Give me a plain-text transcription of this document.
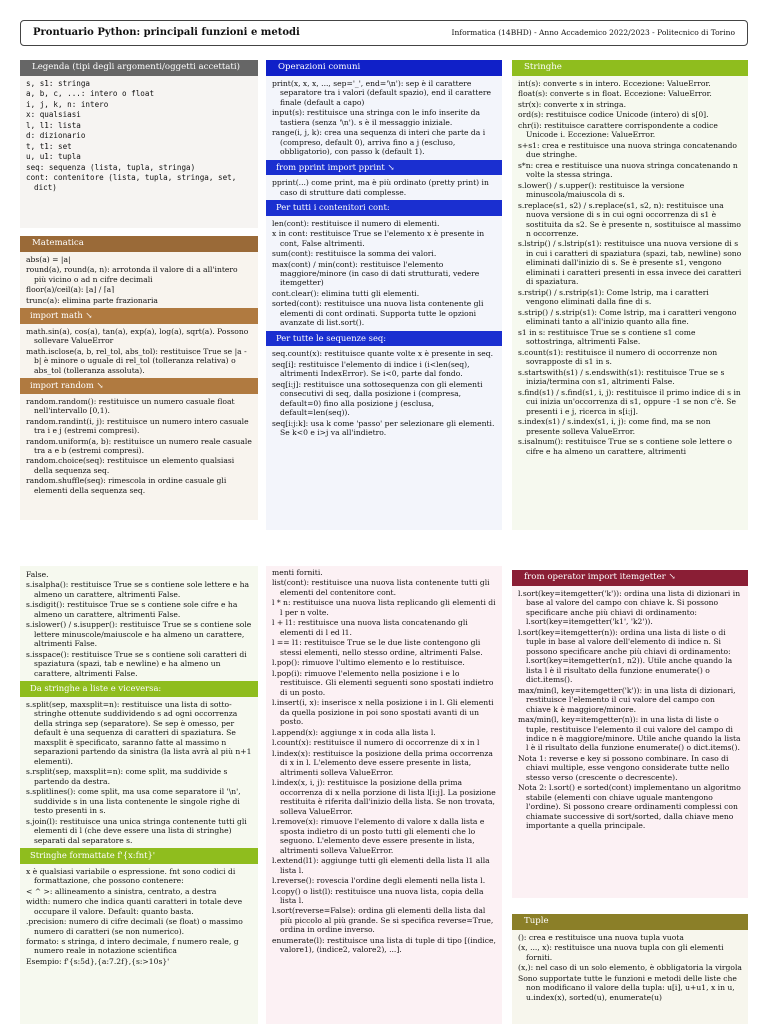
Prontuario Python: principali funzioni e metodi	Informatica (14BHD) - Anno Accademico 2022/2023 - Politecnico di Torino
Legenda (tipi degli argomenti/oggetti accettati)
s, s1: stringa
a, b, c, ...: intero o float
i, j, k, n: intero
x: qualsiasi
l, l1: lista
d: dizionario
t, t1: set
u, u1: tupla
seq: sequenza (lista, tupla, stringa)
cont: contenitore (lista, tupla, stringa, set, dict)
Matematica
abs(a) = |a|
round(a), round(a, n): arrotonda il valore di a all'intero più vicino o ad n cifre decimali
floor(a)/ceil(a): ⌊a⌋ / ⌈a⌉
trunc(a): elimina parte frazionaria
import math ↘
math.sin(a), cos(a), tan(a), exp(a), log(a), sqrt(a). Possono sollevare ValueError
math.isclose(a, b, rel_tol, abs_tol): restituisce True se |a - b| è minore o uguale di rel_tol (tolleranza relativa) o abs_tol (tolleranza assoluta).
import random ↘
random.random(): restituisce un numero casuale float nell'intervallo [0,1).
random.randint(i, j): restituisce un numero intero casuale tra i e j (estremi compresi).
random.uniform(a, b): restituisce un numero reale casuale tra a e b (estremi compresi).
random.choice(seq): restituisce un elemento qualsiasi della sequenza seq.
random.shuffle(seq): rimescola in ordine casuale gli elementi della sequenza seq.
Operazioni comuni
print(x, x, x, ..., sep='_', end='\n'): sep è il carattere separatore tra i valori (default spazio), end il carattere finale (default a capo)
input(s): restituisce una stringa con le info inserite da tastiera (senza '\n'). s è il messaggio iniziale.
range(i, j, k): crea una sequenza di interi che parte da i (compreso, default 0), arriva fino a j (escluso, obbligatorio), con passo k (default 1).
from pprint import pprint ↘
pprint(...) come print, ma è più ordinato (pretty print) in caso di strutture dati complesse.
Per tutti i contenitori cont:
len(cont): restituisce il numero di elementi.
x in cont: restituisce True se l'elemento x è presente in cont, False altrimenti.
sum(cont): restituisce la somma dei valori.
max(cont) / min(cont): restituisce l'elemento maggiore/minore (in caso di dati strutturati, vedere itemgetter)
cont.clear(): elimina tutti gli elementi.
sorted(cont): restituisce una nuova lista contenente gli elementi di cont ordinati. Supporta tutte le opzioni avanzate di list.sort().
Per tutte le sequenze seq:
seq.count(x): restituisce quante volte x è presente in seq.
seq[i]: restituisce l'elemento di indice i (i<len(seq), altrimenti IndexError). Se i<0, parte dal fondo.
seq[i:j]: restituisce una sottosequenza con gli elementi consecutivi di seq, dalla posizione i (compresa, default=0) fino alla posizione j (esclusa, default=len(seq)).
seq[i:j:k]: usa k come 'passo' per selezionare gli elementi. Se k<0 e i>j va all'indietro.
Stringhe
int(s): converte s in intero. Eccezione: ValueError.
float(s): converte s in float. Eccezione: ValueError.
str(x): converte x in stringa.
ord(s): restituisce codice Unicode (intero) di s[0].
chr(i): restituisce carattere corrispondente a codice Unicode i. Eccezione: ValueError.
s+s1: crea e restituisce una nuova stringa concatenando due stringhe.
s*n: crea e restituisce una nuova stringa concatenando n volte la stessa stringa.
s.lower() / s.upper(): restituisce la versione minuscola/maiuscola di s.
s.replace(s1, s2) / s.replace(s1, s2, n): restituisce una nuova versione di s in cui ogni occorrenza di s1 è sostituita da s2. Se è presente n, sostituisce al massimo n occorrenze.
s.lstrip() / s.lstrip(s1): restituisce una nuova versione di s in cui i caratteri di spaziatura (spazi, tab, newline) sono eliminati dall'inizio di s. Se è presente s1, vengono eliminati i caratteri presenti in essa invece dei caratteri di spaziatura.
s.rstrip() / s.rstrip(s1): Come lstrip, ma i caratteri vengono eliminati dalla fine di s.
s.strip() / s.strip(s1): Come lstrip, ma i caratteri vengono eliminati tanto a all'inizio quanto alla fine.
s1 in s: restituisce True se s contiene s1 come sottostringa, altrimenti False.
s.count(s1): restituisce il numero di occorrenze non sovrapposte di s1 in s.
s.startswith(s1) / s.endswith(s1): restituisce True se s inizia/termina con s1, altrimenti False.
s.find(s1) / s.find(s1, i, j): restituisce il primo indice di s in cui inizia un'occorrenza di s1, oppure -1 se non c'è. Se presenti i e j, ricerca in s[i:j].
s.index(s1) / s.index(s1, i, j): come find, ma se non presente solleva ValueError.
s.isalnum(): restituisce True se s contiene sole lettere o cifre e ha almeno un carattere, altrimenti
False.
s.isalpha(): restituisce True se s contiene sole lettere e ha almeno un carattere, altrimenti False.
s.isdigit(): restituisce True se s contiene sole cifre e ha almeno un carattere, altrimenti False.
s.islower() / s.isupper(): restituisce True se s contiene sole lettere minuscole/maiuscole e ha almeno un carattere, altrimenti False.
s.isspace(): restituisce True se s contiene soli caratteri di spaziatura (spazi, tab e newline) e ha almeno un carattere, altrimenti False.
Da stringhe a liste e viceversa:
s.split(sep, maxsplit=n): restituisce una lista di sotto-stringhe ottenute suddividendo s ad ogni occorrenza della stringa sep (separatore). Se sep è omesso, per default è una sequenza di caratteri di spaziatura. Se maxsplit è specificato, saranno fatte al massimo n separazioni partendo da sinistra (la lista avrà al più n+1 elementi).
s.rsplit(sep, maxsplit=n): come split, ma suddivide s partendo da destra.
s.splitlines(): come split, ma usa come separatore il '\n', suddivide s in una lista contenente le singole righe di testo presenti in s.
s.join(l): restituisce una unica stringa contenente tutti gli elementi di l (che deve essere una lista di stringhe) separati dal separatore s.
Stringhe formattate f'{x:fnt}'
x è qualsiasi variabile o espressione. fnt sono codici di formattazione, che possono contenere:
< ^ >: allineamento a sinistra, centrato, a destra
width: numero che indica quanti caratteri in totale deve occupare il valore. Default: quanto basta.
.precision: numero di cifre decimali (se float) o massimo numero di caratteri (se non numerico).
formato: s stringa, d intero decimale, f numero reale, g numero reale in notazione scientifica
Esempio: f'{s:5d},{a:7.2f},{s:>10s}'
menti forniti.
list(cont): restituisce una nuova lista contenente tutti gli elementi del contenitore cont.
l * n: restituisce una nuova lista replicando gli elementi di l per n volte.
l + l1: restituisce una nuova lista concatenando gli elementi di l ed l1.
l == l1: restituisce True se le due liste contengono gli stessi elementi, nello stesso ordine, altrimenti False.
l.pop(): rimuove l'ultimo elemento e lo restituisce.
l.pop(i): rimuove l'elemento nella posizione i e lo restituisce. Gli elementi seguenti sono spostati indietro di un posto.
l.insert(i, x): inserisce x nella posizione i in l. Gli elementi da quella posizione in poi sono spostati avanti di un posto.
l.append(x): aggiunge x in coda alla lista l.
l.count(x): restituisce il numero di occorrenze di x in l
l.index(x): restituisce la posizione della prima occorrenza di x in l. L'elemento deve essere presente in lista, altrimenti solleva ValueError.
l.index(x, i, j): restituisce la posizione della prima occorrenza di x nella porzione di lista l[i:j]. La posizione restituita è riferita dall'inizio della lista. Se non trovata, solleva ValueError.
l.remove(x): rimuove l'elemento di valore x dalla lista e sposta indietro di un posto tutti gli elementi che lo seguono. L'elemento deve essere presente in lista, altrimenti solleva ValueError.
l.extend(l1): aggiunge tutti gli elementi della lista l1 alla lista l.
l.reverse(): rovescia l'ordine degli elementi nella lista l.
l.copy() o list(l): restituisce una nuova lista, copia della lista l.
l.sort(reverse=False): ordina gli elementi della lista dal più piccolo al più grande. Se si specifica reverse=True, ordina in ordine inverso.
enumerate(l): restituisce una lista di tuple di tipo [(indice, valore1), (indice2, valore2), ...].
from operator import itemgetter ↘
l.sort(key=itemgetter('k')): ordina una lista di dizionari in base al valore del campo con chiave k. Si possono specificare anche più chiavi di ordinamento: l.sort(key=itemgetter('k1', 'k2')).
l.sort(key=itemgetter(n)): ordina una lista di liste o di tuple in base al valore dell'elemento di indice n. Si possono specificare anche più chiavi di ordinamento: l.sort(key=itemgetter(n1, n2)). Utile anche quando la lista l è il risultato della funzione enumerate() o dict.items().
max/min(l, key=itemgetter('k')): in una lista di dizionari, restituisce l'elemento il cui valore del campo con chiave k è maggiore/minore.
max/min(l, key=itemgetter(n)): in una lista di liste o tuple, restituisce l'elemento il cui valore del campo di indice n è maggiore/minore. Utile anche quando la lista l è il risultato della funzione enumerate() o dict.items().
Nota 1: reverse e key si possono combinare. In caso di chiavi multiple, esse vengono considerate tutte nello stesso verso (crescente o decrescente).
Nota 2: l.sort() e sorted(cont) implementano un algoritmo stabile (elementi con chiave uguale mantengono l'ordine). Si possono creare ordinamenti complessi con chiamate successive di sort/sorted, dalla chiave meno importante a quella principale.
Tuple
(): crea e restituisce una nuova tupla vuota
(x, ..., x): restituisce una nuova tupla con gli elementi forniti.
(x,): nel caso di un solo elemento, è obbligatoria la virgola
Sono supportate tutte le funzioni e metodi delle liste che non modificano il valore della tupla: u[i], u+u1, x in u, u.index(x), sorted(u), enumerate(u)
